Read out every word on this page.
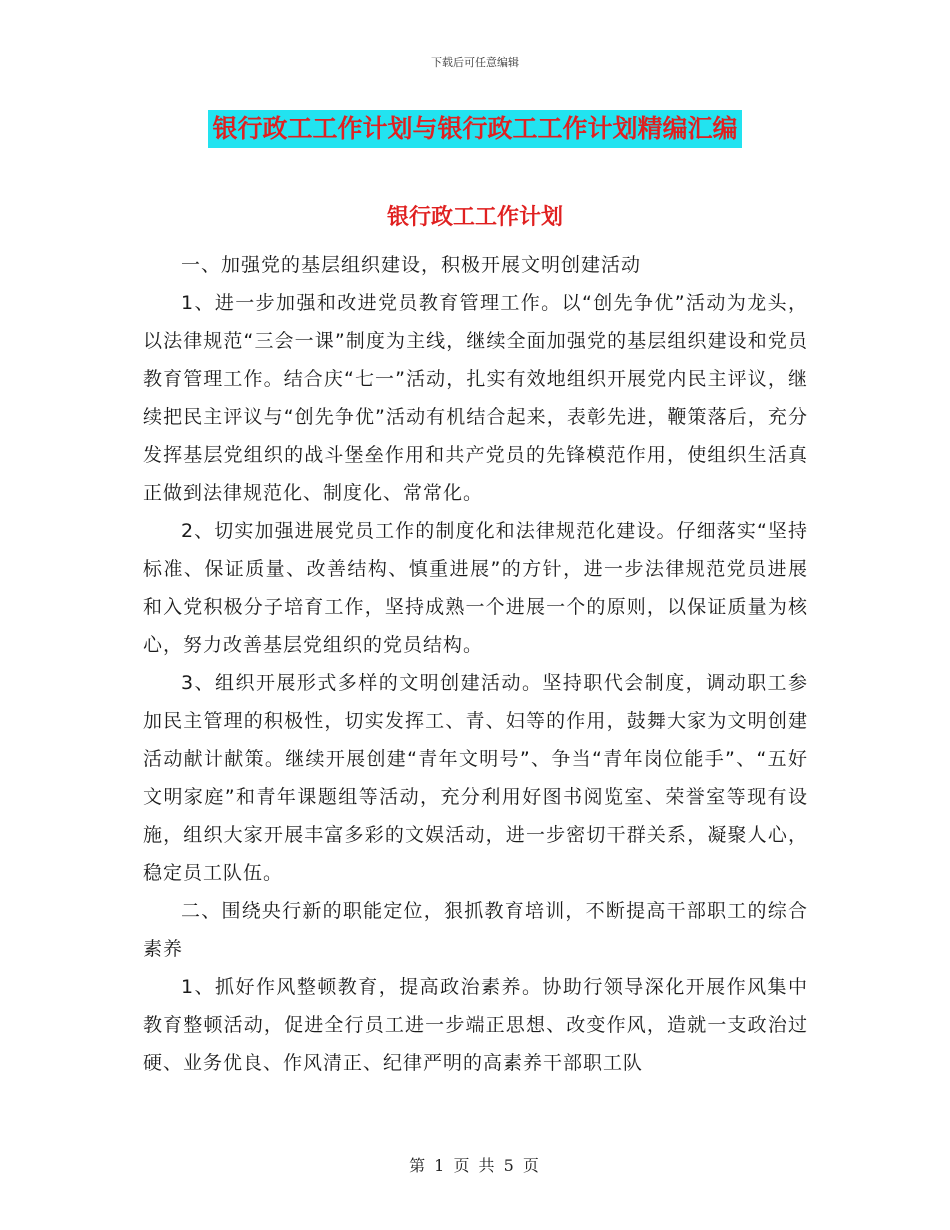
下载后可任意编辑
银行政工工作计划与银行政工工作计划精编汇编
银行政工工作计划

一、加强党的基层组织建设，积极开展文明创建活动

1、进一步加强和改进党员教育管理工作。以“创先争优”活动为龙头，以法律规范“三会一课”制度为主线，继续全面加强党的基层组织建设和党员教育管理工作。结合庆“七一”活动，扎实有效地组织开展党内民主评议，继续把民主评议与“创先争优”活动有机结合起来，表彰先进，鞭策落后，充分发挥基层党组织的战斗堡垒作用和共产党员的先锋模范作用，使组织生活真正做到法律规范化、制度化、常常化。

2、切实加强进展党员工作的制度化和法律规范化建设。仔细落实“坚持标准、保证质量、改善结构、慎重进展”的方针，进一步法律规范党员进展和入党积极分子培育工作，坚持成熟一个进展一个的原则，以保证质量为核心，努力改善基层党组织的党员结构。

3、组织开展形式多样的文明创建活动。坚持职代会制度，调动职工参加民主管理的积极性，切实发挥工、青、妇等的作用，鼓舞大家为文明创建活动献计献策。继续开展创建“青年文明号”、争当“青年岗位能手”、“五好文明家庭”和青年课题组等活动，充分利用好图书阅览室、荣誉室等现有设施，组织大家开展丰富多彩的文娱活动，进一步密切干群关系，凝聚人心，稳定员工队伍。

二、围绕央行新的职能定位，狠抓教育培训，不断提高干部职工的综合素养

1、抓好作风整顿教育，提高政治素养。协助行领导深化开展作风集中教育整顿活动，促进全行员工进一步端正思想、改变作风，造就一支政治过硬、业务优良、作风清正、纪律严明的高素养干部职工队

第 1 页 共 5 页
